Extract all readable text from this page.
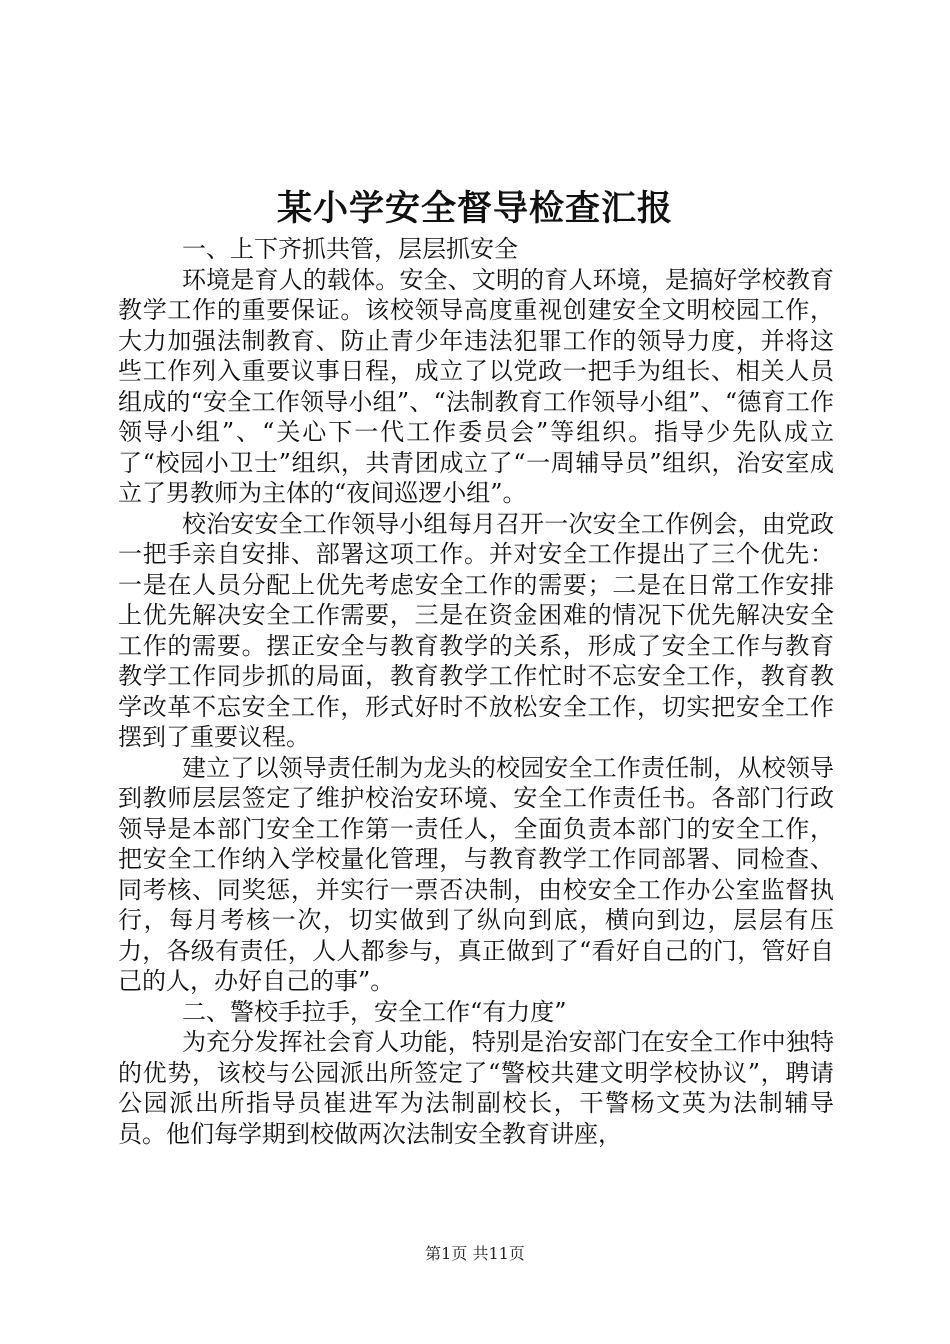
某小学安全督导检查汇报

一、上下齐抓共管，层层抓安全

环境是育人的载体。安全、文明的育人环境，是搞好学校教育教学工作的重要保证。该校领导高度重视创建安全文明校园工作，大力加强法制教育、防止青少年违法犯罪工作的领导力度，并将这些工作列入重要议事日程，成立了以党政一把手为组长、相关人员组成的“安全工作领导小组”、“法制教育工作领导小组”、“德育工作领导小组”、“关心下一代工作委员会”等组织。指导少先队成立了“校园小卫士”组织，共青团成立了“一周辅导员”组织，治安室成立了男教师为主体的“夜间巡逻小组”。

校治安安全工作领导小组每月召开一次安全工作例会，由党政一把手亲自安排、部署这项工作。并对安全工作提出了三个优先：一是在人员分配上优先考虑安全工作的需要；二是在日常工作安排上优先解决安全工作需要，三是在资金困难的情况下优先解决安全工作的需要。摆正安全与教育教学的关系，形成了安全工作与教育教学工作同步抓的局面，教育教学工作忙时不忘安全工作，教育教学改革不忘安全工作，形式好时不放松安全工作，切实把安全工作摆到了重要议程。

建立了以领导责任制为龙头的校园安全工作责任制，从校领导到教师层层签定了维护校治安环境、安全工作责任书。各部门行政领导是本部门安全工作第一责任人，全面负责本部门的安全工作，把安全工作纳入学校量化管理，与教育教学工作同部署、同检查、同考核、同奖惩，并实行一票否决制，由校安全工作办公室监督执行，每月考核一次，切实做到了纵向到底，横向到边，层层有压力，各级有责任，人人都参与，真正做到了“看好自己的门，管好自己的人，办好自己的事”。

二、警校手拉手，安全工作“有力度”

为充分发挥社会育人功能，特别是治安部门在安全工作中独特的优势，该校与公园派出所签定了“警校共建文明学校协议”，聘请公园派出所指导员崔进军为法制副校长，干警杨文英为法制辅导员。他们每学期到校做两次法制安全教育讲座，

第1页 共11页
